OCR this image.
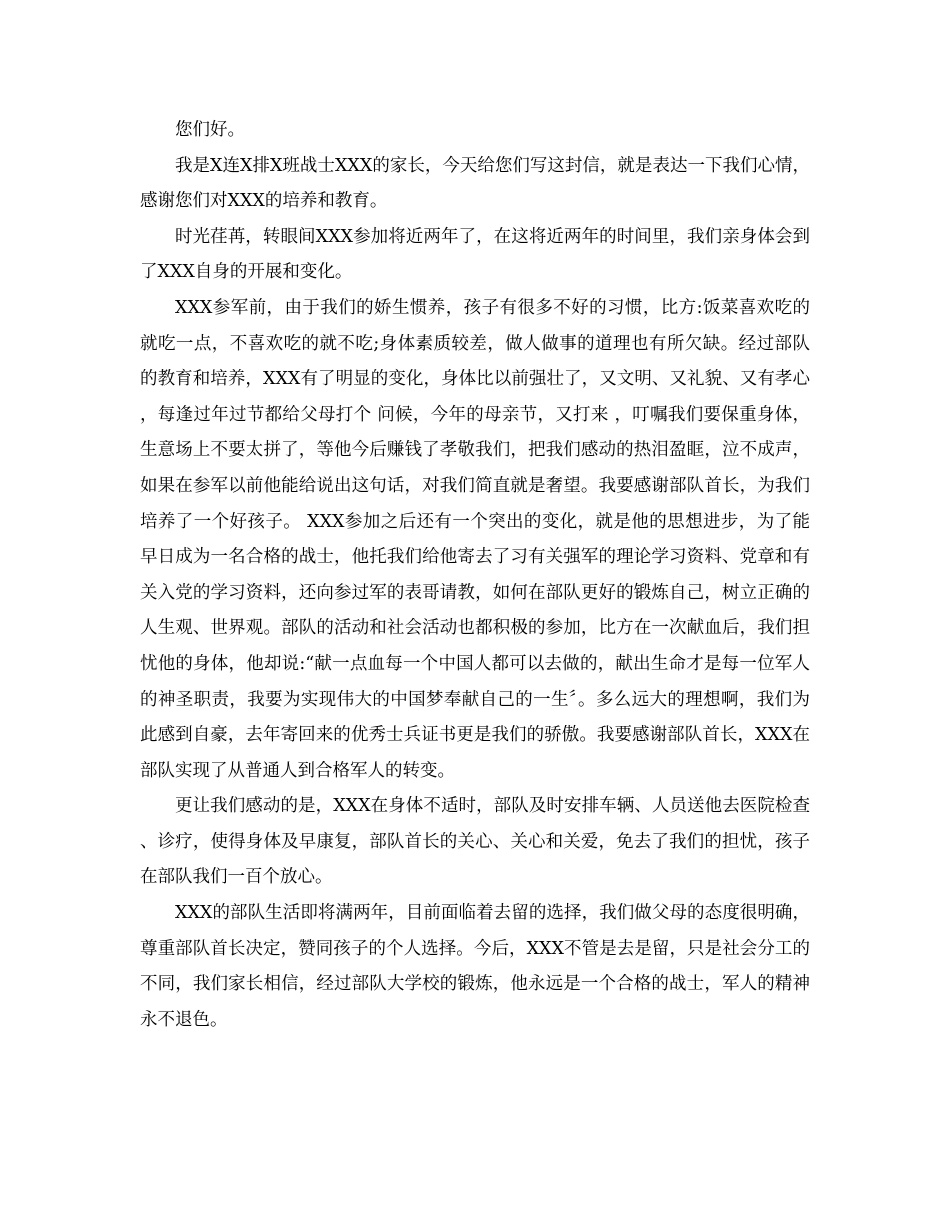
您们好。

我是X连X排X班战士XXX的家长，今天给您们写这封信，就是表达一下我们心情，感谢您们对XXX的培养和教育。

时光荏苒，转眼间XXX参加将近两年了，在这将近两年的时间里，我们亲身体会到了XXX自身的开展和变化。

XXX参军前，由于我们的娇生惯养，孩子有很多不好的习惯，比方:饭菜喜欢吃的就吃一点，不喜欢吃的就不吃;身体素质较差，做人做事的道理也有所欠缺。经过部队的教育和培养，XXX有了明显的变化，身体比以前强壮了，又文明、又礼貌、又有孝心，每逢过年过节都给父母打个 问候，今年的母亲节，又打来 ，叮嘱我们要保重身体，生意场上不要太拼了，等他今后赚钱了孝敬我们，把我们感动的热泪盈眶，泣不成声，如果在参军以前他能给说出这句话，对我们简直就是奢望。我要感谢部队首长，为我们培养了一个好孩子。 XXX参加之后还有一个突出的变化，就是他的思想进步，为了能早日成为一名合格的战士，他托我们给他寄去了习有关强军的理论学习资料、党章和有关入党的学习资料，还向参过军的表哥请教，如何在部队更好的锻炼自己，树立正确的人生观、世界观。部队的活动和社会活动也都积极的参加，比方在一次献血后，我们担忧他的身体，他却说:“献一点血每一个中国人都可以去做的，献出生命才是每一位军人的神圣职责，我要为实现伟大的中国梦奉献自己的一生〞。多么远大的理想啊，我们为此感到自豪，去年寄回来的优秀士兵证书更是我们的骄傲。我要感谢部队首长，XXX在部队实现了从普通人到合格军人的转变。

更让我们感动的是，XXX在身体不适时，部队及时安排车辆、人员送他去医院检查、诊疗，使得身体及早康复，部队首长的关心、关心和关爱，免去了我们的担忧，孩子在部队我们一百个放心。

XXX的部队生活即将满两年，目前面临着去留的选择，我们做父母的态度很明确，尊重部队首长决定，赞同孩子的个人选择。今后，XXX不管是去是留，只是社会分工的不同，我们家长相信，经过部队大学校的锻炼，他永远是一个合格的战士，军人的精神永不退色。
